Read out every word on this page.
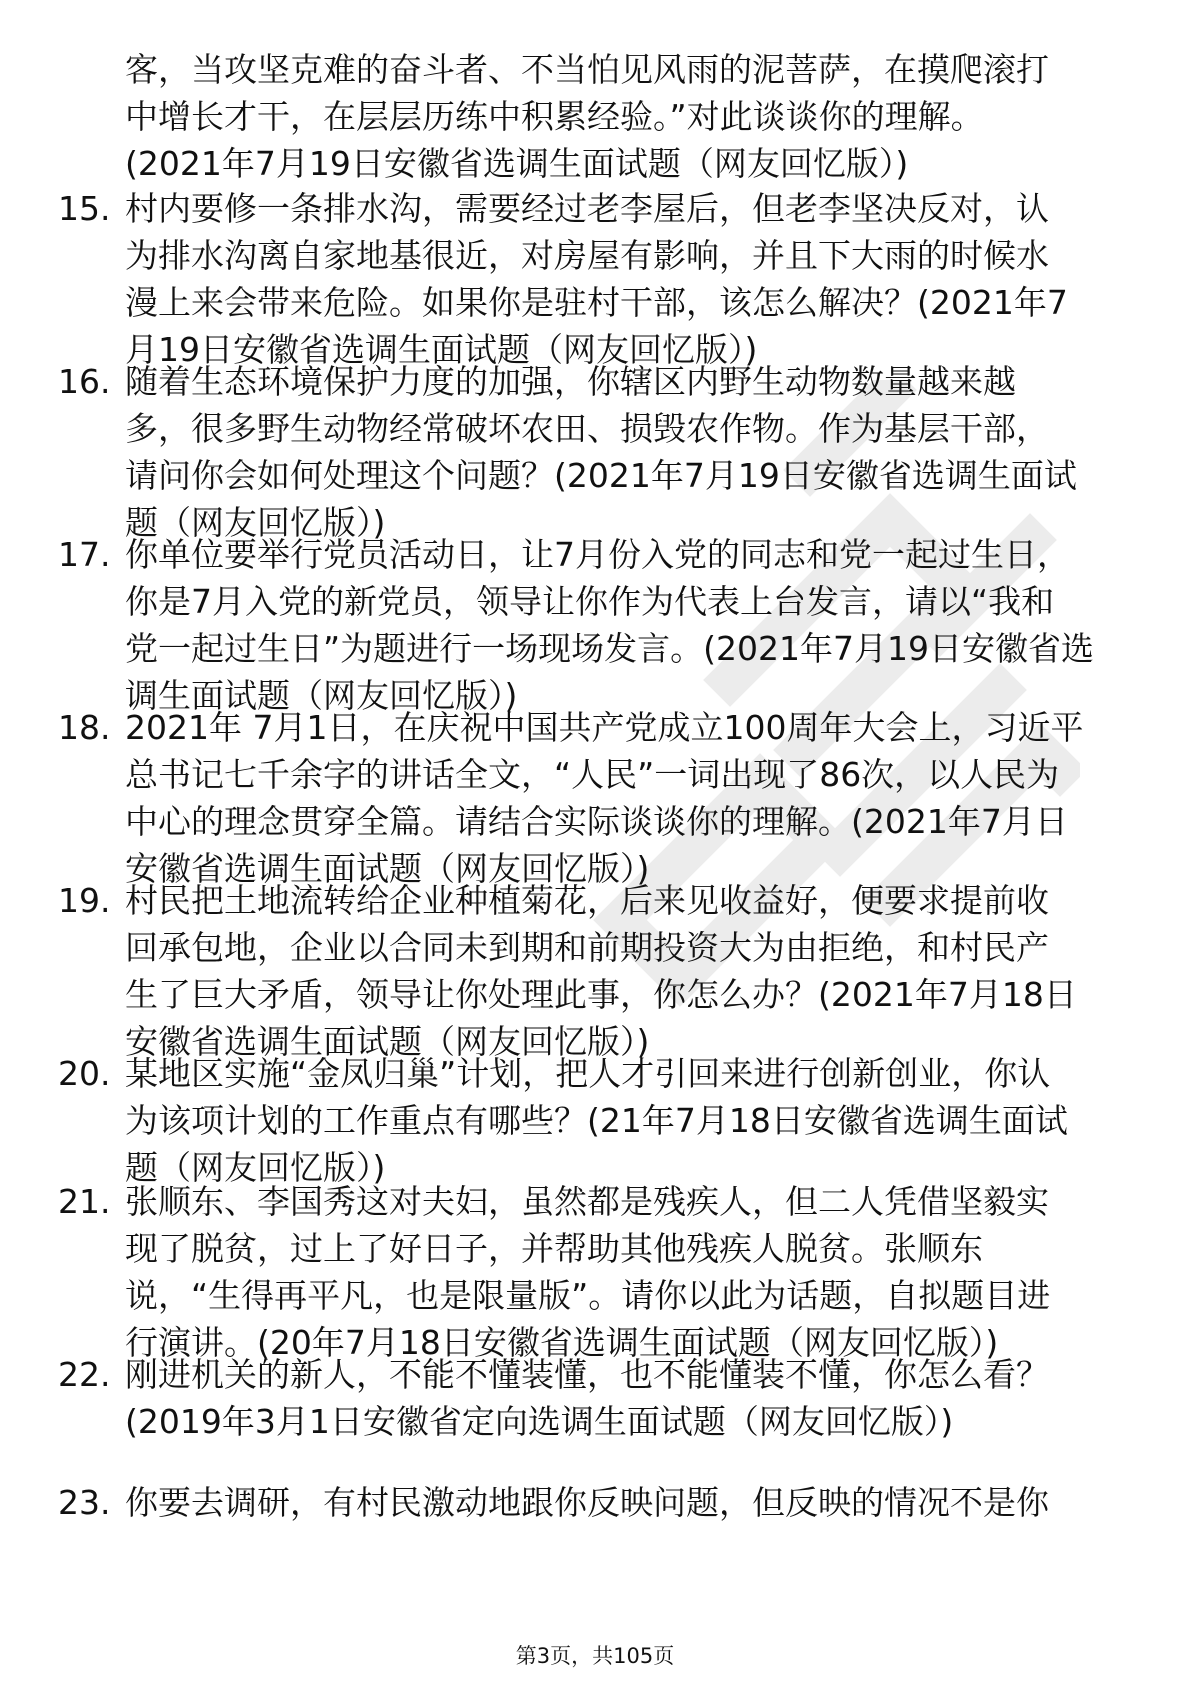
客，当攻坚克难的奋斗者、不当怕见风雨的泥菩萨，在摸爬滚打
中增长才干，在层层历练中积累经验。”对此谈谈你的理解。
(2021年7月19日安徽省选调生面试题（网友回忆版）)
15. 村内要修一条排水沟，需要经过老李屋后，但老李坚决反对，认
为排水沟离自家地基很近，对房屋有影响，并且下大雨的时候水
漫上来会带来危险。如果你是驻村干部，该怎么解决？(2021年7
月19日安徽省选调生面试题（网友回忆版）)
16. 随着生态环境保护力度的加强，你辖区内野生动物数量越来越
多，很多野生动物经常破坏农田、损毁农作物。作为基层干部，
请问你会如何处理这个问题？(2021年7月19日安徽省选调生面试
题（网友回忆版）)
17. 你单位要举行党员活动日，让7月份入党的同志和党一起过生日，
你是7月入党的新党员，领导让你作为代表上台发言，请以“我和
党一起过生日”为题进行一场现场发言。(2021年7月19日安徽省选
调生面试题（网友回忆版）)
18. 2021年 7月1日，在庆祝中国共产党成立100周年大会上，习近平
总书记七千余字的讲话全文，“人民”一词出现了86次，以人民为
中心的理念贯穿全篇。请结合实际谈谈你的理解。(2021年7月日
安徽省选调生面试题（网友回忆版）)
19. 村民把土地流转给企业种植菊花，后来见收益好，便要求提前收
回承包地，企业以合同未到期和前期投资大为由拒绝，和村民产
生了巨大矛盾，领导让你处理此事，你怎么办？(2021年7月18日
安徽省选调生面试题（网友回忆版）)
20. 某地区实施“金凤归巢”计划，把人才引回来进行创新创业，你认
为该项计划的工作重点有哪些？(21年7月18日安徽省选调生面试
题（网友回忆版）)
21. 张顺东、李国秀这对夫妇，虽然都是残疾人，但二人凭借坚毅实
现了脱贫，过上了好日子，并帮助其他残疾人脱贫。张顺东
说，“生得再平凡，也是限量版”。请你以此为话题，自拟题目进
行演讲。(20年7月18日安徽省选调生面试题（网友回忆版）)
22. 刚进机关的新人，不能不懂装懂，也不能懂装不懂，你怎么看？
(2019年3月1日安徽省定向选调生面试题（网友回忆版）)
23. 你要去调研，有村民激动地跟你反映问题，但反映的情况不是你
第3页，共105页
